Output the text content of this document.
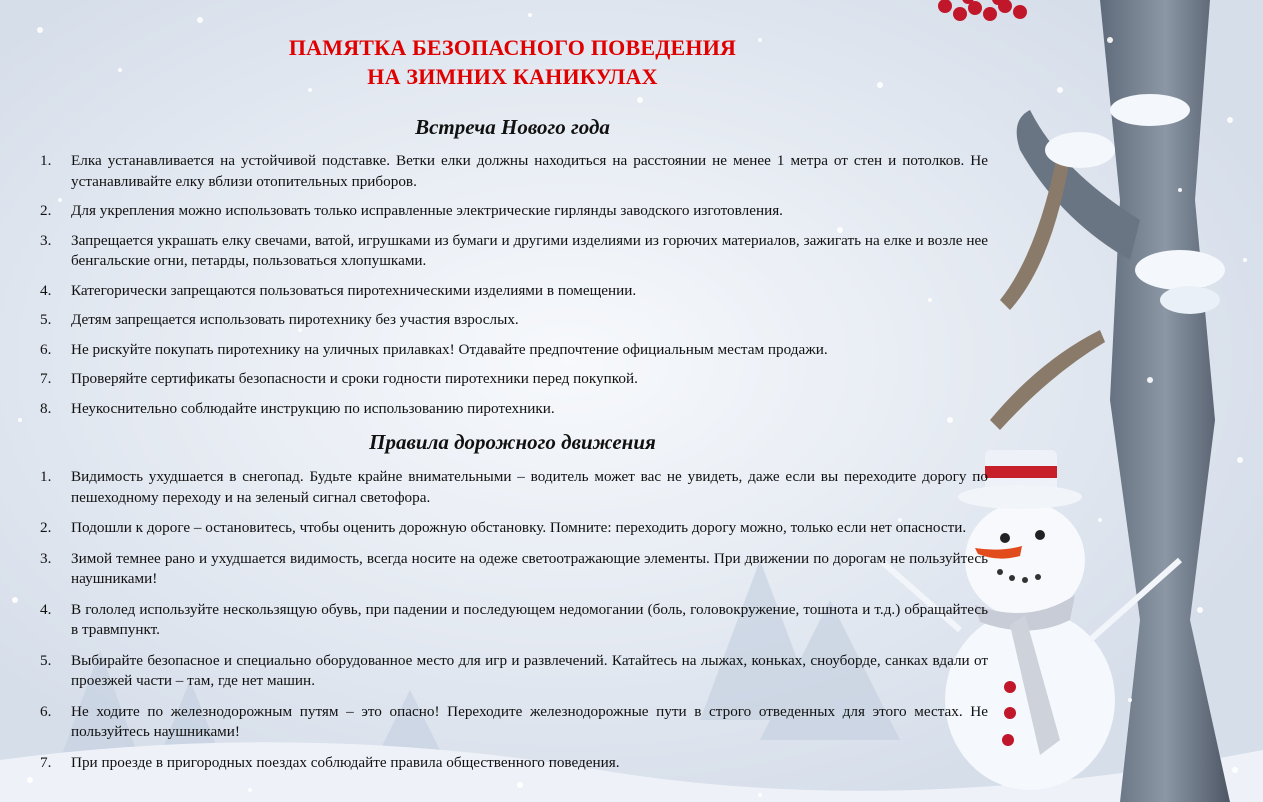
ПАМЯТКА БЕЗОПАСНОГО ПОВЕДЕНИЯ
НА ЗИМНИХ КАНИКУЛАХ
Встреча Нового года
1. Елка устанавливается на устойчивой подставке. Ветки елки должны находиться на расстоянии не менее 1 метра от стен и потолков. Не устанавливайте елку вблизи отопительных приборов.
2. Для укрепления можно использовать только исправленные электрические гирлянды заводского изготовления.
3. Запрещается украшать елку свечами, ватой, игрушками из бумаги и другими изделиями из горючих материалов, зажигать на елке и возле нее бенгальские огни, петарды, пользоваться хлопушками.
4. Категорически запрещаются пользоваться пиротехническими изделиями в помещении.
5. Детям запрещается использовать пиротехнику без участия взрослых.
6. Не рискуйте покупать пиротехнику на уличных прилавках! Отдавайте предпочтение официальным местам продажи.
7. Проверяйте сертификаты безопасности и сроки годности пиротехники перед покупкой.
8. Неукоснительно соблюдайте инструкцию по использованию пиротехники.
Правила дорожного движения
1. Видимость ухудшается в снегопад. Будьте крайне внимательными – водитель может вас не увидеть, даже если вы переходите дорогу по пешеходному переходу и на зеленый сигнал светофора.
2. Подошли к дороге – остановитесь, чтобы оценить дорожную обстановку. Помните: переходить дорогу можно, только если нет опасности.
3. Зимой темнее рано и ухудшается видимость, всегда носите на одеже светоотражающие элементы. При движении по дорогам не пользуйтесь наушниками!
4. В гололед используйте нескользящую обувь, при падении и последующем недомогании (боль, головокружение, тошнота и т.д.) обращайтесь в травмпункт.
5. Выбирайте безопасное и специально оборудованное место для игр и развлечений. Катайтесь на лыжах, коньках, сноуборде, санках вдали от проезжей части – там, где нет машин.
6. Не ходите по железнодорожным путям – это опасно! Переходите железнодорожные пути в строго отведенных для этого местах. Не пользуйтесь наушниками!
7. При проезде в пригородных поездах соблюдайте правила общественного поведения.
